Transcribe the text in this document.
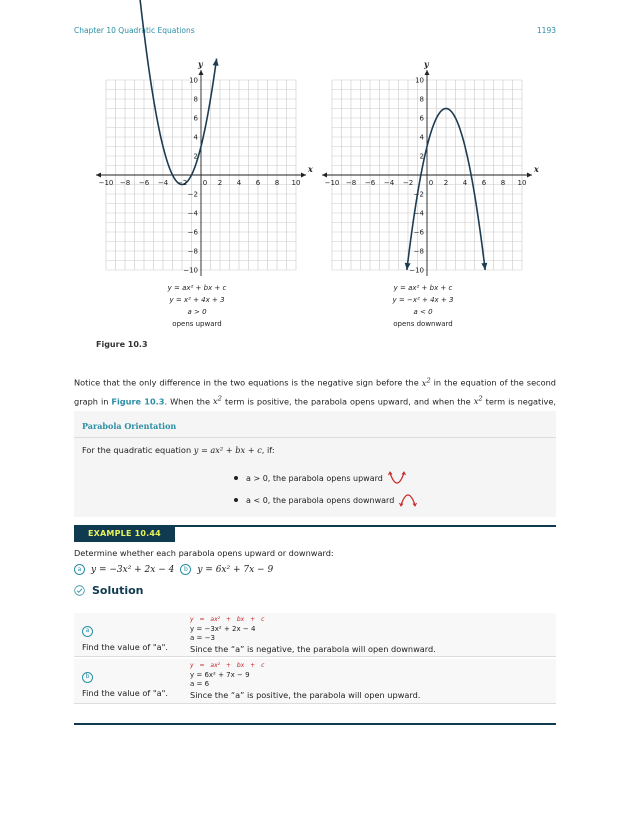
Chapter 10 Quadratic Equations	1193
−10 −8 −6 −4 −2 0 2 4 6 8 10
10
8
6
4
2
−2
−4
−6
−8
−10
x
y
−10 −8 −6 −4 −2 0 2 4 6 8 10
10
8
6
4
2
−2
−4
−6
−8
−10
x
y
y = ax² + bx + c
y = x² + 4x + 3
a > 0
opens upward
y = ax² + bx + c
y = −x² + 4x + 3
a < 0
opens downward
Figure 10.3
Notice that the only difference in the two equations is the negative sign before the $x^2$ in the equation of the second graph in Figure 10.3. When the $x^2$ term is positive, the parabola opens upward, and when the $x^2$ term is negative,
Parabola Orientation
For the quadratic equation y = ax² + bx + c, if:
a > 0, the parabola opens upward
a < 0, the parabola opens downward
EXAMPLE 10.44
Determine whether each parabola opens upward or downward:
a	y = −3x² + 2x − 4	b	y = 6x² + 7x − 9
Solution
a
Find the value of "a".
y = ax² + bx + c
y = −3x² + 2x − 4
a = −3
Since the “a” is negative, the parabola will open downward.
b
Find the value of "a".
y = ax² + bx + c
y = 6x² + 7x − 9
a = 6
Since the “a” is positive, the parabola will open upward.
